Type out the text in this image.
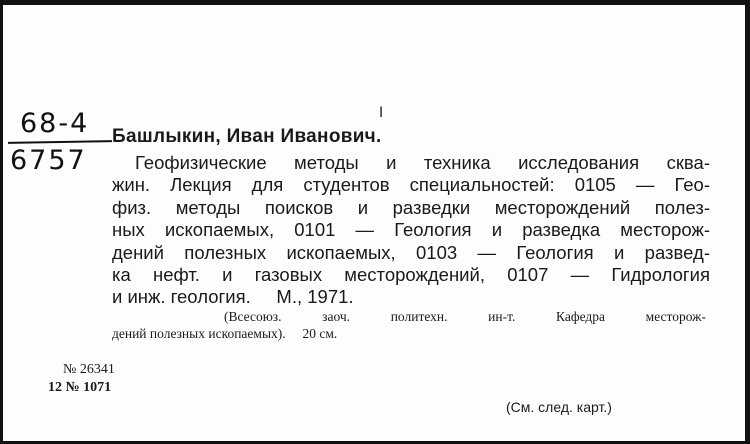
I
68-4
6757
Башлыкин, Иван Иванович.
Геофизические методы и техника исследования сква-
жин. Лекция для студентов специальностей: 0105 — Гео-
физ. методы поисков и разведки месторождений полез-
ных ископаемых, 0101 — Геология и разведка месторож-
дений полезных ископаемых, 0103 — Геология и развед-
ка нефт. и газовых месторождений, 0107 — Гидрология
и инж. геология.     М., 1971.
(Всесоюз. заоч. политехн. ин-т. Кафедра месторож-
дений полезных ископаемых).     20 см.
№ 26341
12 № 1071
(См. след. карт.)
